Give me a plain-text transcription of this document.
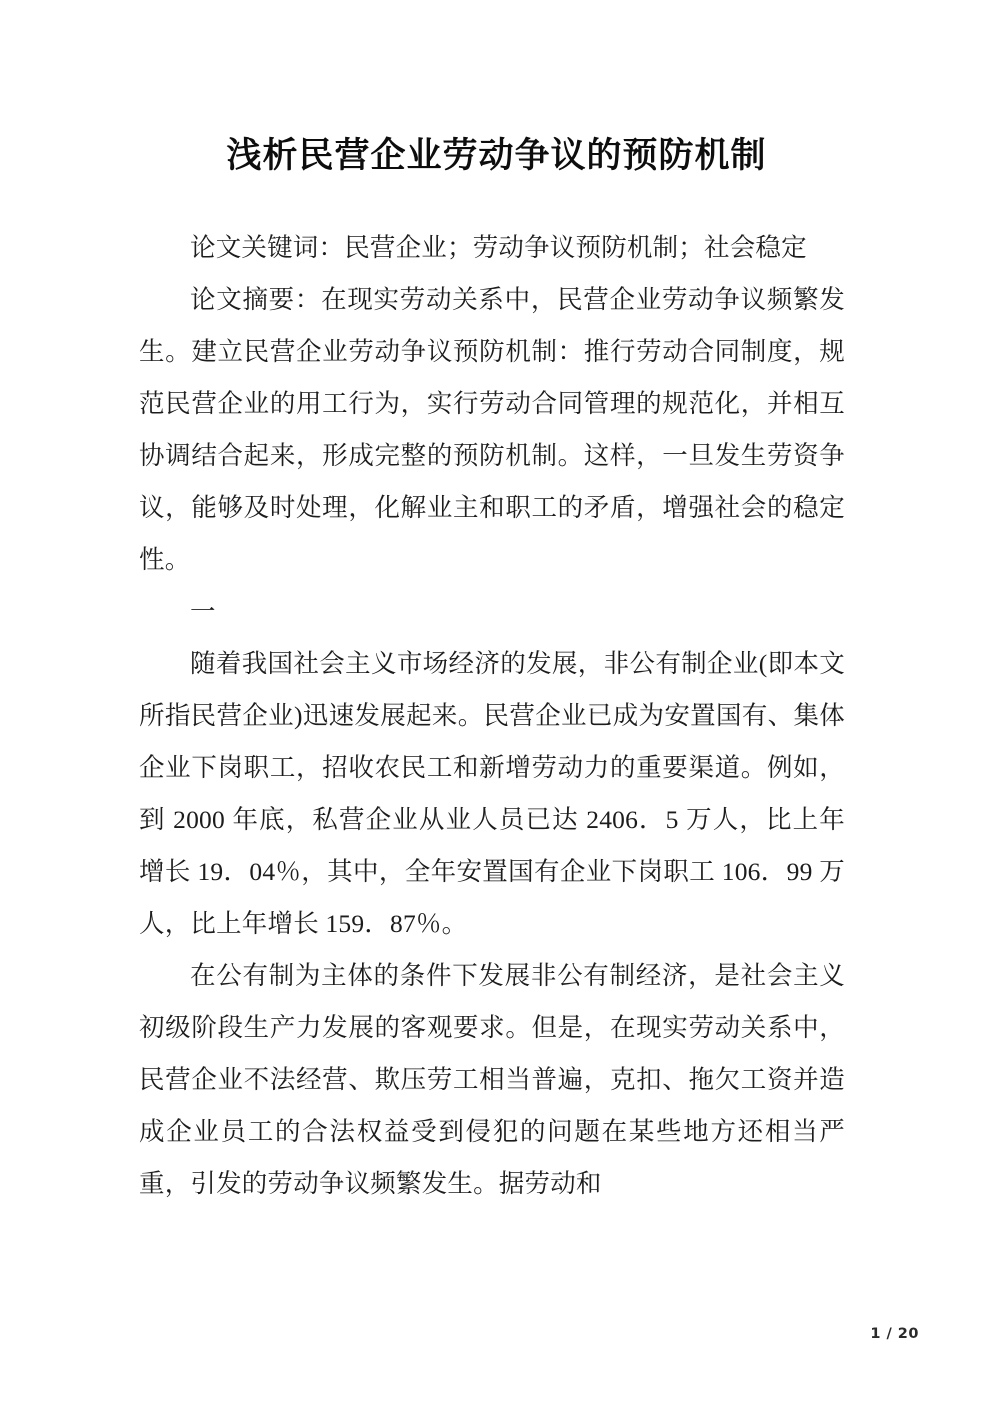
浅析民营企业劳动争议的预防机制

论文关键词：民营企业；劳动争议预防机制；社会稳定

论文摘要：在现实劳动关系中，民营企业劳动争议频繁发生。建立民营企业劳动争议预防机制：推行劳动合同制度，规范民营企业的用工行为，实行劳动合同管理的规范化，并相互协调结合起来，形成完整的预防机制。这样，一旦发生劳资争议，能够及时处理，化解业主和职工的矛盾，增强社会的稳定性。

一

随着我国社会主义市场经济的发展，非公有制企业(即本文所指民营企业)迅速发展起来。民营企业已成为安置国有、集体企业下岗职工，招收农民工和新增劳动力的重要渠道。例如，到 2000 年底，私营企业从业人员已达 2406．5 万人，比上年增长 19．04％，其中，全年安置国有企业下岗职工 106．99 万人，比上年增长 159．87％。

在公有制为主体的条件下发展非公有制经济，是社会主义初级阶段生产力发展的客观要求。但是，在现实劳动关系中，民营企业不法经营、欺压劳工相当普遍，克扣、拖欠工资并造成企业员工的合法权益受到侵犯的问题在某些地方还相当严重，引发的劳动争议频繁发生。据劳动和

1 / 20
